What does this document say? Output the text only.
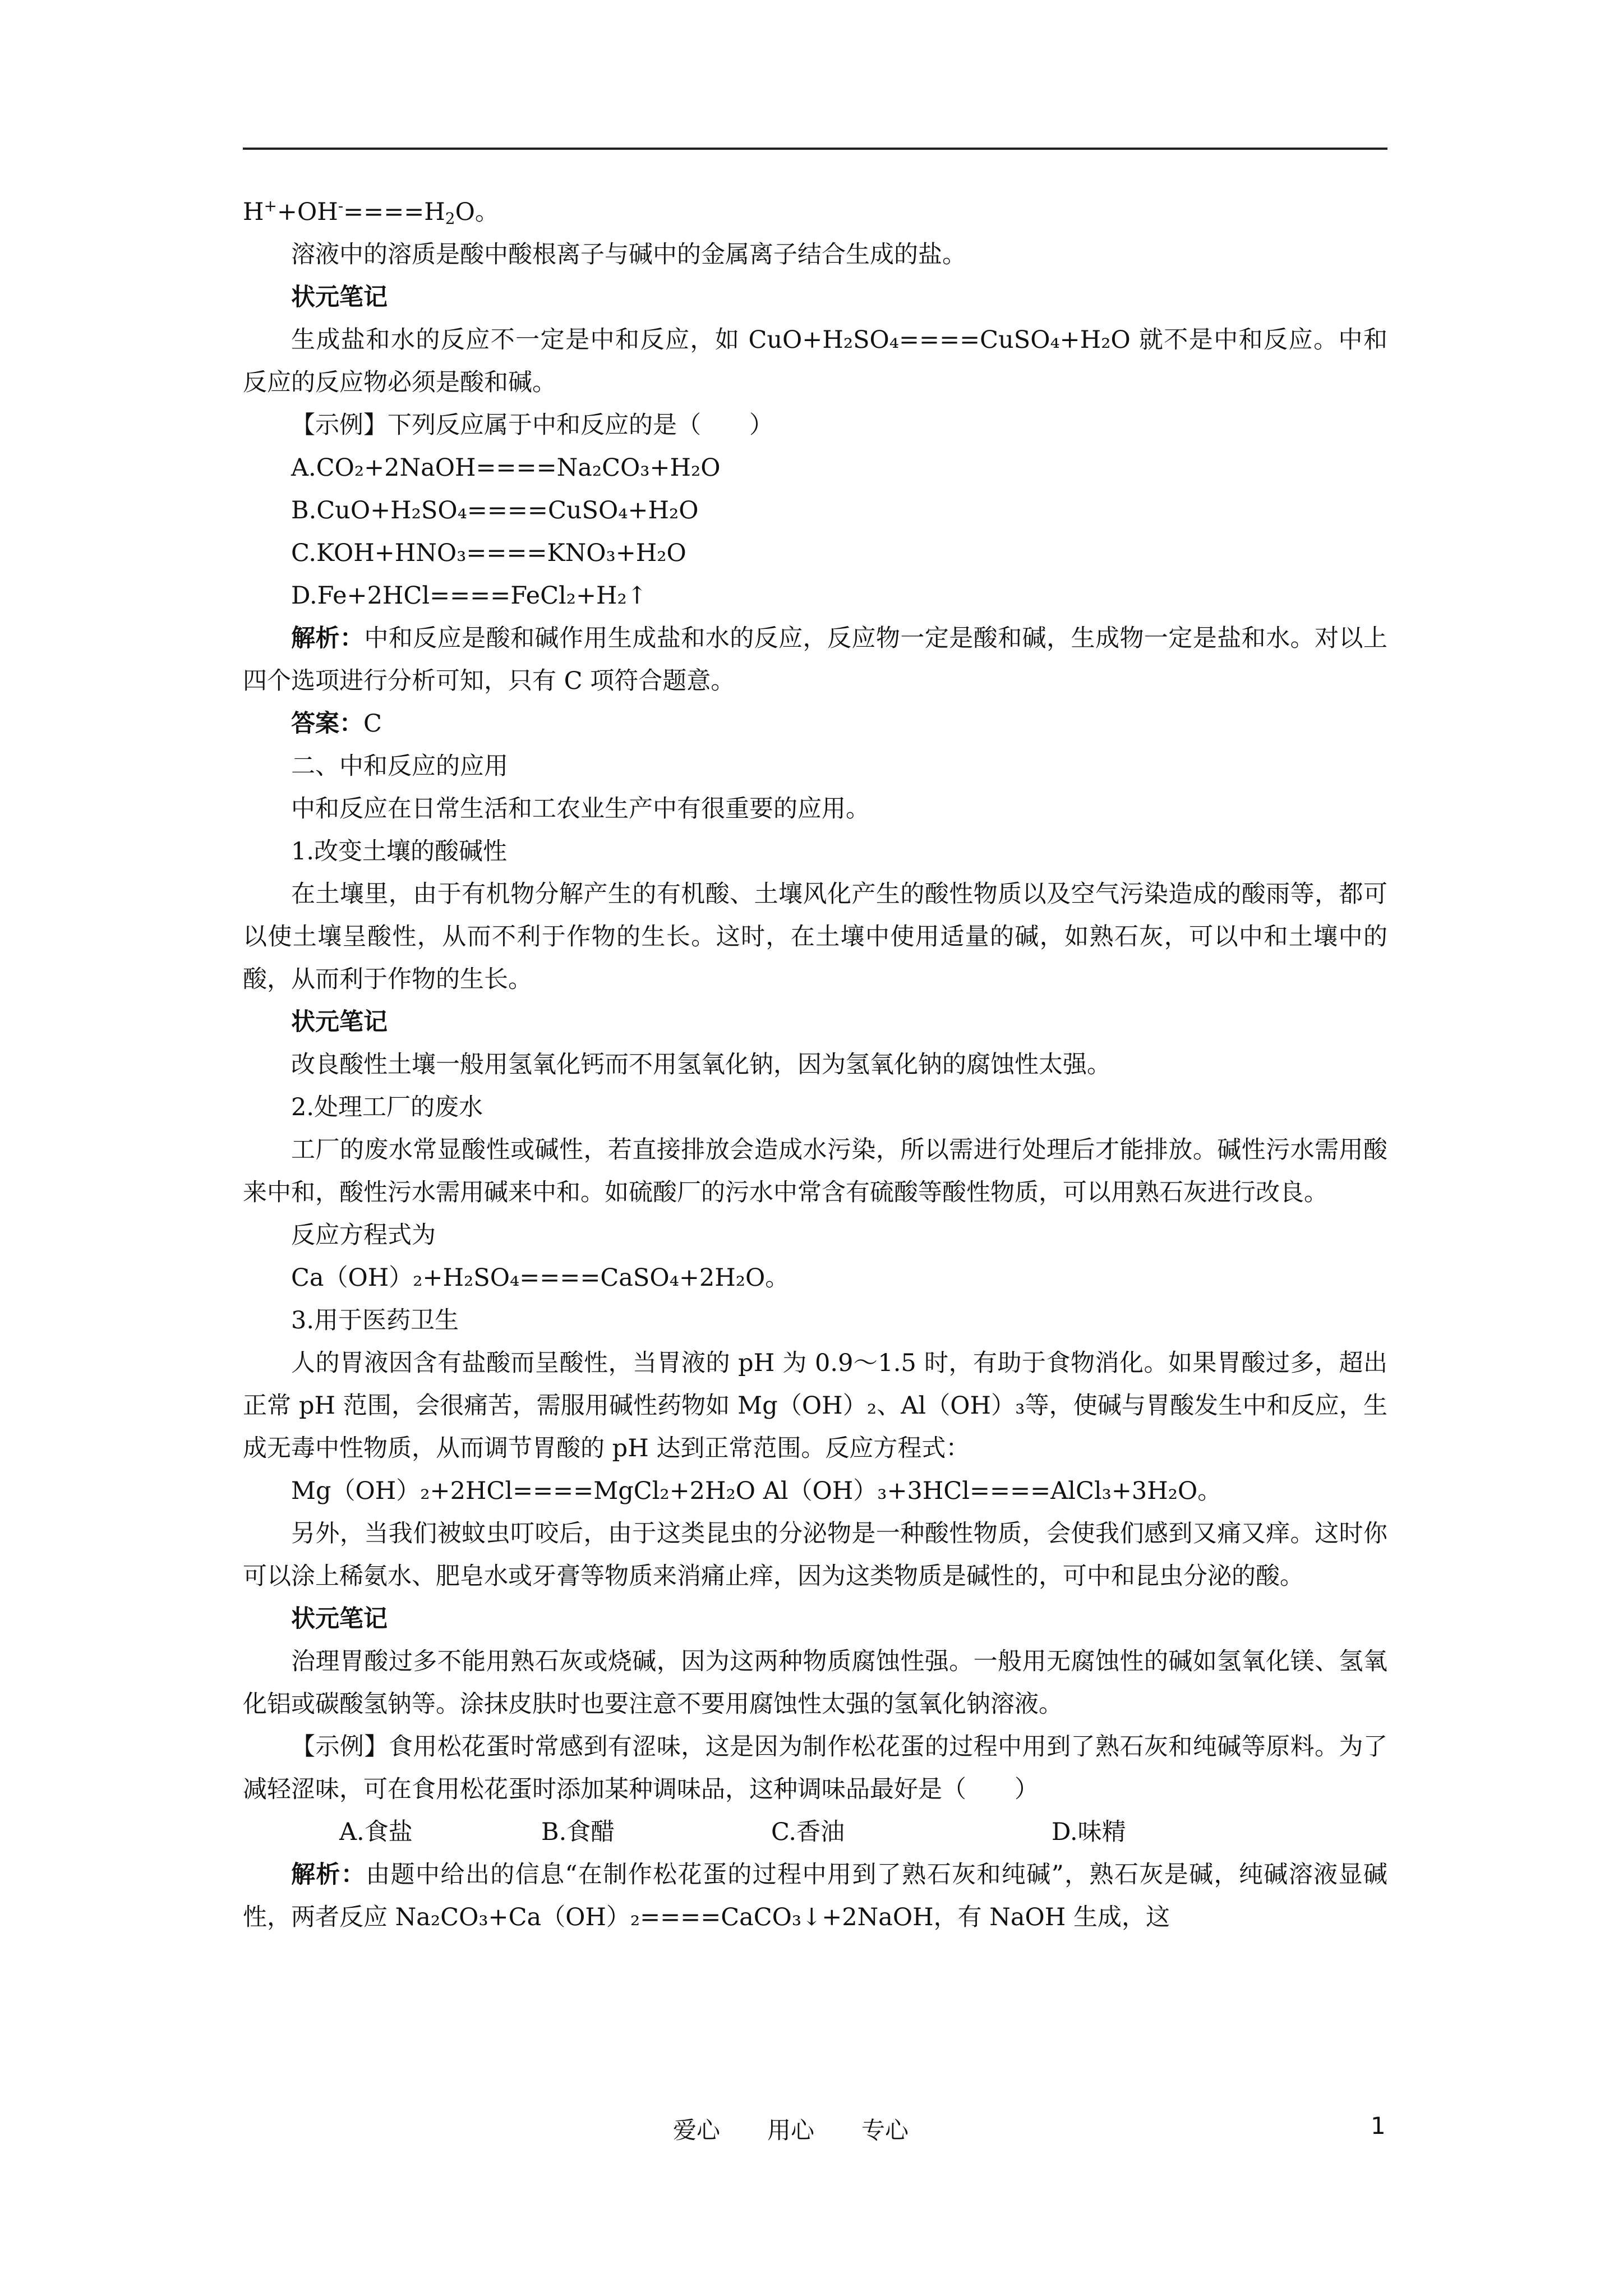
$H^++OH^-====H_2O$。

溶液中的溶质是酸中酸根离子与碱中的金属离子结合生成的盐。

状元笔记

生成盐和水的反应不一定是中和反应，如 CuO+H₂SO₄====CuSO₄+H₂O 就不是中和反应。中和反应的反应物必须是酸和碱。

【示例】下列反应属于中和反应的是（　　）

A.CO₂+2NaOH====Na₂CO₃+H₂O

B.CuO+H₂SO₄====CuSO₄+H₂O

C.KOH+HNO₃====KNO₃+H₂O

D.Fe+2HCl====FeCl₂+H₂↑

解析：中和反应是酸和碱作用生成盐和水的反应，反应物一定是酸和碱，生成物一定是盐和水。对以上四个选项进行分析可知，只有 C 项符合题意。

答案：C

二、中和反应的应用

中和反应在日常生活和工农业生产中有很重要的应用。

1.改变土壤的酸碱性

在土壤里，由于有机物分解产生的有机酸、土壤风化产生的酸性物质以及空气污染造成的酸雨等，都可以使土壤呈酸性，从而不利于作物的生长。这时，在土壤中使用适量的碱，如熟石灰，可以中和土壤中的酸，从而利于作物的生长。

状元笔记

改良酸性土壤一般用氢氧化钙而不用氢氧化钠，因为氢氧化钠的腐蚀性太强。

2.处理工厂的废水

工厂的废水常显酸性或碱性，若直接排放会造成水污染，所以需进行处理后才能排放。碱性污水需用酸来中和，酸性污水需用碱来中和。如硫酸厂的污水中常含有硫酸等酸性物质，可以用熟石灰进行改良。

反应方程式为

Ca（OH）₂+H₂SO₄====CaSO₄+2H₂O。

3.用于医药卫生

人的胃液因含有盐酸而呈酸性，当胃液的 pH 为 0.9～1.5 时，有助于食物消化。如果胃酸过多，超出正常 pH 范围，会很痛苦，需服用碱性药物如 Mg（OH）₂、Al（OH）₃等，使碱与胃酸发生中和反应，生成无毒中性物质，从而调节胃酸的 pH 达到正常范围。反应方程式：

Mg（OH）₂+2HCl====MgCl₂+2H₂O Al（OH）₃+3HCl====AlCl₃+3H₂O。

另外，当我们被蚊虫叮咬后，由于这类昆虫的分泌物是一种酸性物质，会使我们感到又痛又痒。这时你可以涂上稀氨水、肥皂水或牙膏等物质来消痛止痒，因为这类物质是碱性的，可中和昆虫分泌的酸。

状元笔记

治理胃酸过多不能用熟石灰或烧碱，因为这两种物质腐蚀性强。一般用无腐蚀性的碱如氢氧化镁、氢氧化铝或碳酸氢钠等。涂抹皮肤时也要注意不要用腐蚀性太强的氢氧化钠溶液。

【示例】食用松花蛋时常感到有涩味，这是因为制作松花蛋的过程中用到了熟石灰和纯碱等原料。为了减轻涩味，可在食用松花蛋时添加某种调味品，这种调味品最好是（　　）

A.食盐	B.食醋	C.香油	D.味精

解析：由题中给出的信息“在制作松花蛋的过程中用到了熟石灰和纯碱”，熟石灰是碱，纯碱溶液显碱性，两者反应 Na₂CO₃+Ca（OH）₂====CaCO₃↓+2NaOH，有 NaOH 生成，这

爱心　　用心　　专心	1
